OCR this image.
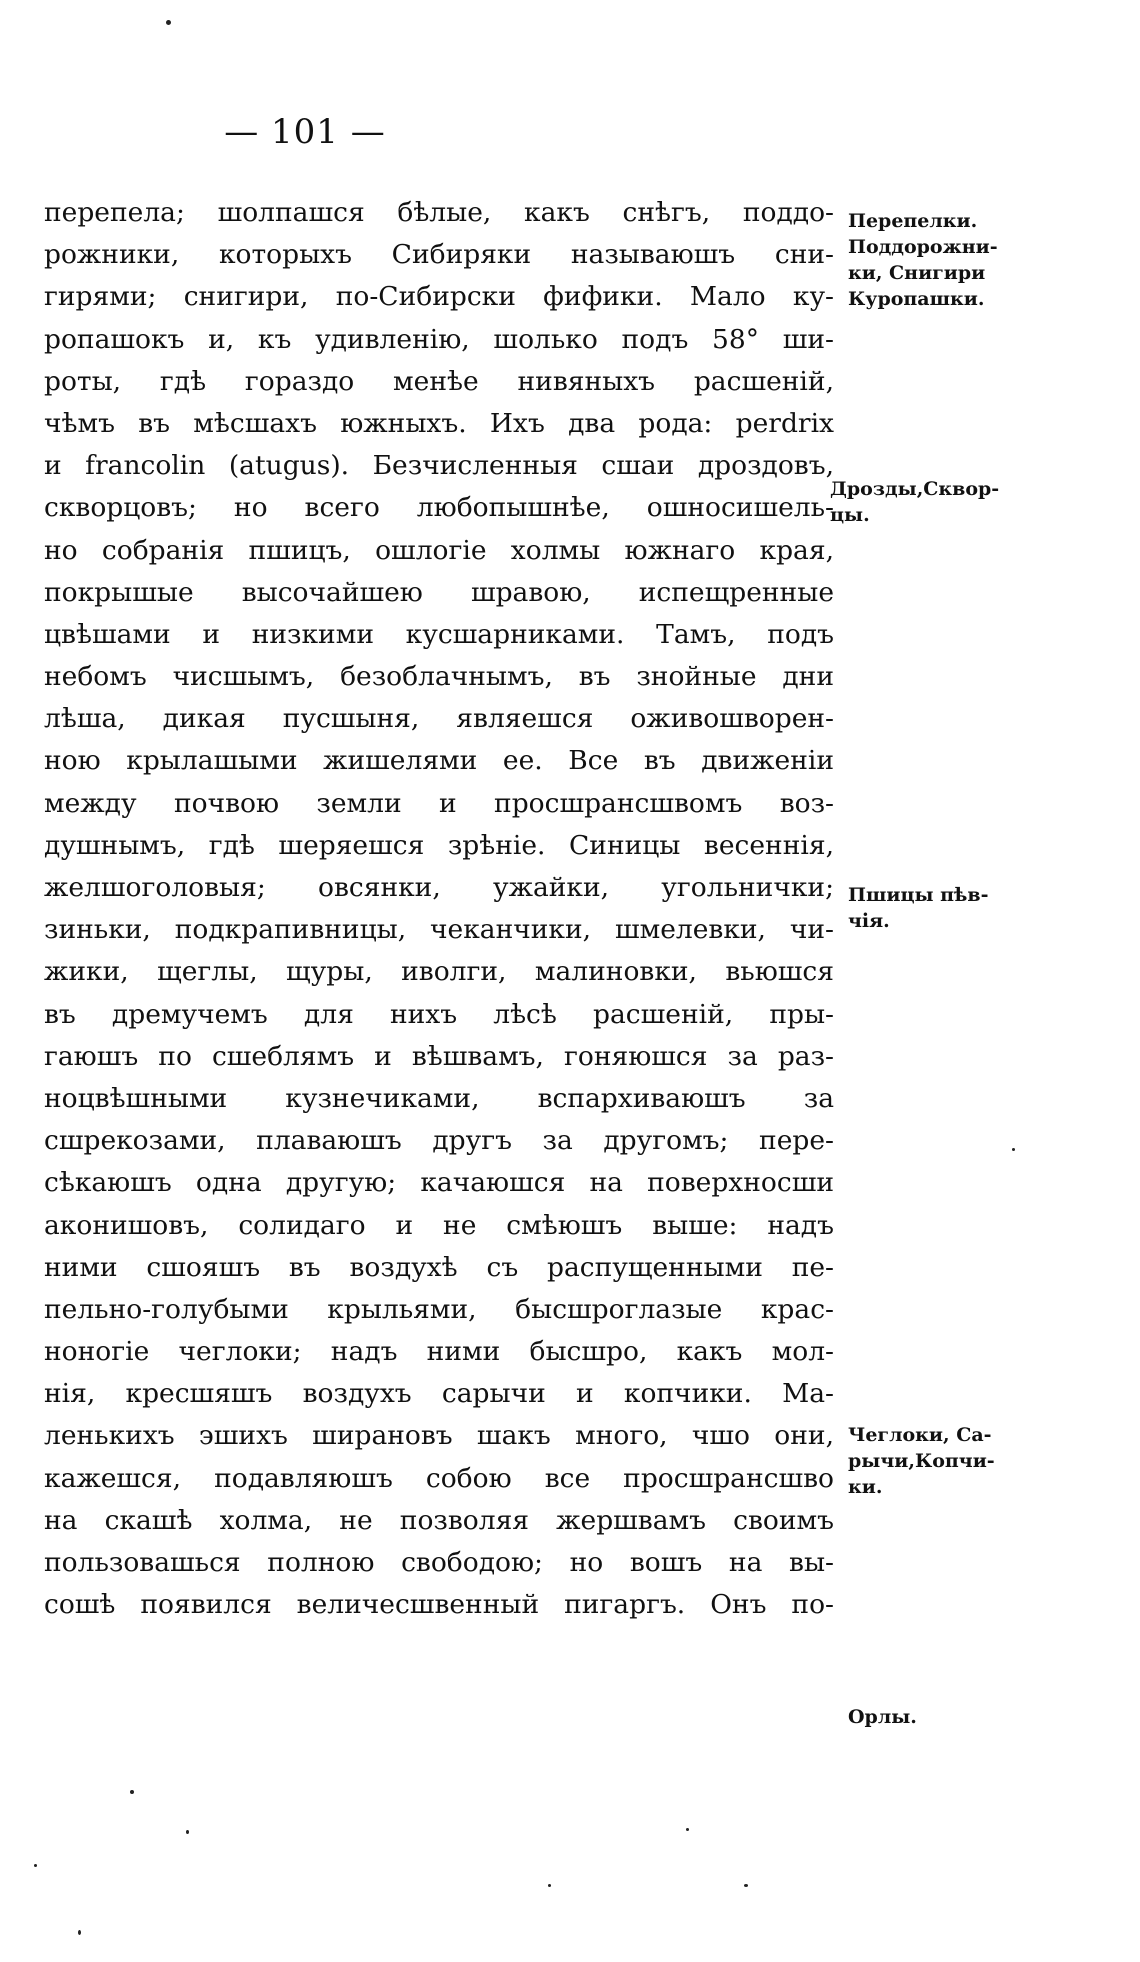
— 101 —
перепела; шолпашся бѣлые, какъ снѣгъ, поддо-
рожники, которыхъ Сибиряки называюшъ сни-
гирями; снигири, по-Сибирски фифики. Мало ку-
ропашокъ и, къ удивленію, шолько подъ 58° ши-
роты, гдѣ гораздо менѣе нивяныхъ расшеній,
чѣмъ въ мѣсшахъ южныхъ. Ихъ два рода: perdrix
и francolin (atugus). Безчисленныя сшаи дроздовъ,
скворцовъ; но всего любопышнѣе, ошносишель-
но собранія пшицъ, ошлогіе холмы южнаго края,
покрышые высочайшею шравою, испещренные
цвѣшами и низкими кусшарниками. Тамъ, подъ
небомъ чисшымъ, безоблачнымъ, въ знойные дни
лѣша, дикая пусшыня, являешся оживошворен-
ною крылашыми жишелями ее. Все въ движеніи
между почвою земли и просшрансшвомъ воз-
душнымъ, гдѣ шеряешся зрѣніе. Синицы весеннія,
желшоголовыя; овсянки, ужайки, угольнички;
зиньки, подкрапивницы, чеканчики, шмелевки, чи-
жики, щеглы, щуры, иволги, малиновки, вьюшся
въ дремучемъ для нихъ лѣсѣ расшеній, пры-
гаюшъ по сшеблямъ и вѣшвамъ, гоняюшся за раз-
ноцвѣшными кузнечиками, вспархиваюшъ за
сшрекозами, плаваюшъ другъ за другомъ; пере-
сѣкаюшъ одна другую; качаюшся на поверхносши
аконишовъ, солидаго и не смѣюшъ выше: надъ
ними сшояшъ въ воздухѣ съ распущенными пе-
пельно-голубыми крыльями, бысшроглазые крас-
ноногіе чеглоки; надъ ними бысшро, какъ мол-
нія, кресшяшъ воздухъ сарычи и копчики. Ма-
ленькихъ эшихъ ширановъ шакъ много, чшо они,
кажешся, подавляюшъ собою все просшрансшво
на скашѣ холма, не позволяя жершвамъ своимъ
пользовашься полною свободою; но вошъ на вы-
сошѣ появился величесшвенный пигаргъ. Онъ по-
Перепелки.
Поддорожни-
ки, Снигири
Куропашки.
Дрозды,Сквор-
цы.
Пшицы пѣв-
чія.
Чеглоки, Са-
рычи,Копчи-
ки.
Орлы.
